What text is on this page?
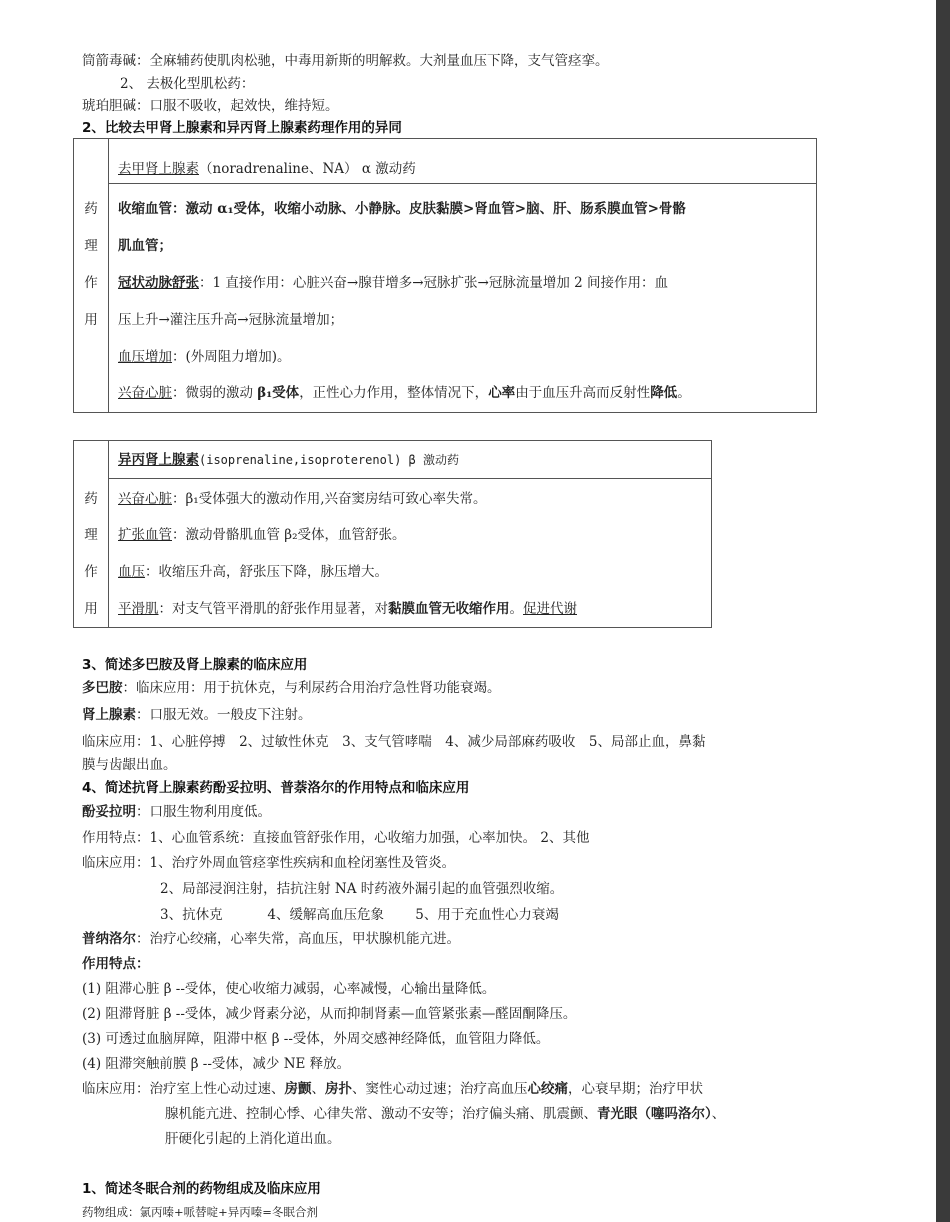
筒箭毒碱：全麻辅药使肌肉松驰，中毒用新斯的明解救。大剂量血压下降，支气管痉挛。
2、 去极化型肌松药：
琥珀胆碱：口服不吸收，起效快，维持短。
2、比较去甲肾上腺素和异丙肾上腺素药理作用的异同
去甲肾上腺素（noradrenaline、NA） α 激动药
药
理
作
用
收缩血管：激动 α₁受体，收缩小动脉、小静脉。皮肤黏膜>肾血管>脑、肝、肠系膜血管>骨骼
肌血管；
冠状动脉舒张：1 直接作用：心脏兴奋→腺苷增多→冠脉扩张→冠脉流量增加 2 间接作用：血
压上升→灌注压升高→冠脉流量增加；
血压增加：(外周阻力增加)。
兴奋心脏：微弱的激动 β₁受体，正性心力作用，整体情况下，心率由于血压升高而反射性降低。
异丙肾上腺素(isoprenaline,isoproterenol) β 激动药
药
理
作
用
兴奋心脏：β₁受体强大的激动作用,兴奋窦房结可致心率失常。
扩张血管：激动骨骼肌血管 β₂受体，血管舒张。
血压：收缩压升高，舒张压下降，脉压增大。
平滑肌：对支气管平滑肌的舒张作用显著，对黏膜血管无收缩作用。促进代谢
3、简述多巴胺及肾上腺素的临床应用
多巴胺：临床应用：用于抗休克，与利尿药合用治疗急性肾功能衰竭。
肾上腺素：口服无效。一般皮下注射。
临床应用：1、心脏停搏　2、过敏性休克　3、支气管哮喘　4、减少局部麻药吸收　5、局部止血，鼻黏
膜与齿龈出血。
4、简述抗肾上腺素药酚妥拉明、普萘洛尔的作用特点和临床应用
酚妥拉明：口服生物利用度低。
作用特点：1、心血管系统：直接血管舒张作用，心收缩力加强，心率加快。 2、其他
临床应用：1、治疗外周血管痉挛性疾病和血栓闭塞性及管炎。
2、局部浸润注射，拮抗注射 NA 时药液外漏引起的血管强烈收缩。
3、抗休克　　　 4、缓解高血压危象　　 5、用于充血性心力衰竭
普纳洛尔：治疗心绞痛，心率失常，高血压，甲状腺机能亢进。
作用特点：
(1) 阻滞心脏 β --受体，使心收缩力减弱，心率减慢，心输出量降低。
(2) 阻滞肾脏 β --受体，减少肾素分泌，从而抑制肾素—血管紧张素—醛固酮降压。
(3) 可透过血脑屏障，阻滞中枢 β --受体，外周交感神经降低，血管阻力降低。
(4) 阻滞突触前膜 β --受体，减少 NE 释放。
临床应用：治疗室上性心动过速、房颤、房扑、窦性心动过速；治疗高血压心绞痛，心衰早期；治疗甲状
腺机能亢进、控制心悸、心律失常、激动不安等；治疗偏头痛、肌震颤、青光眼（噻吗洛尔）、
肝硬化引起的上消化道出血。
1、简述冬眠合剂的药物组成及临床应用
药物组成：氯丙嗪+哌替啶+异丙嗪=冬眠合剂
